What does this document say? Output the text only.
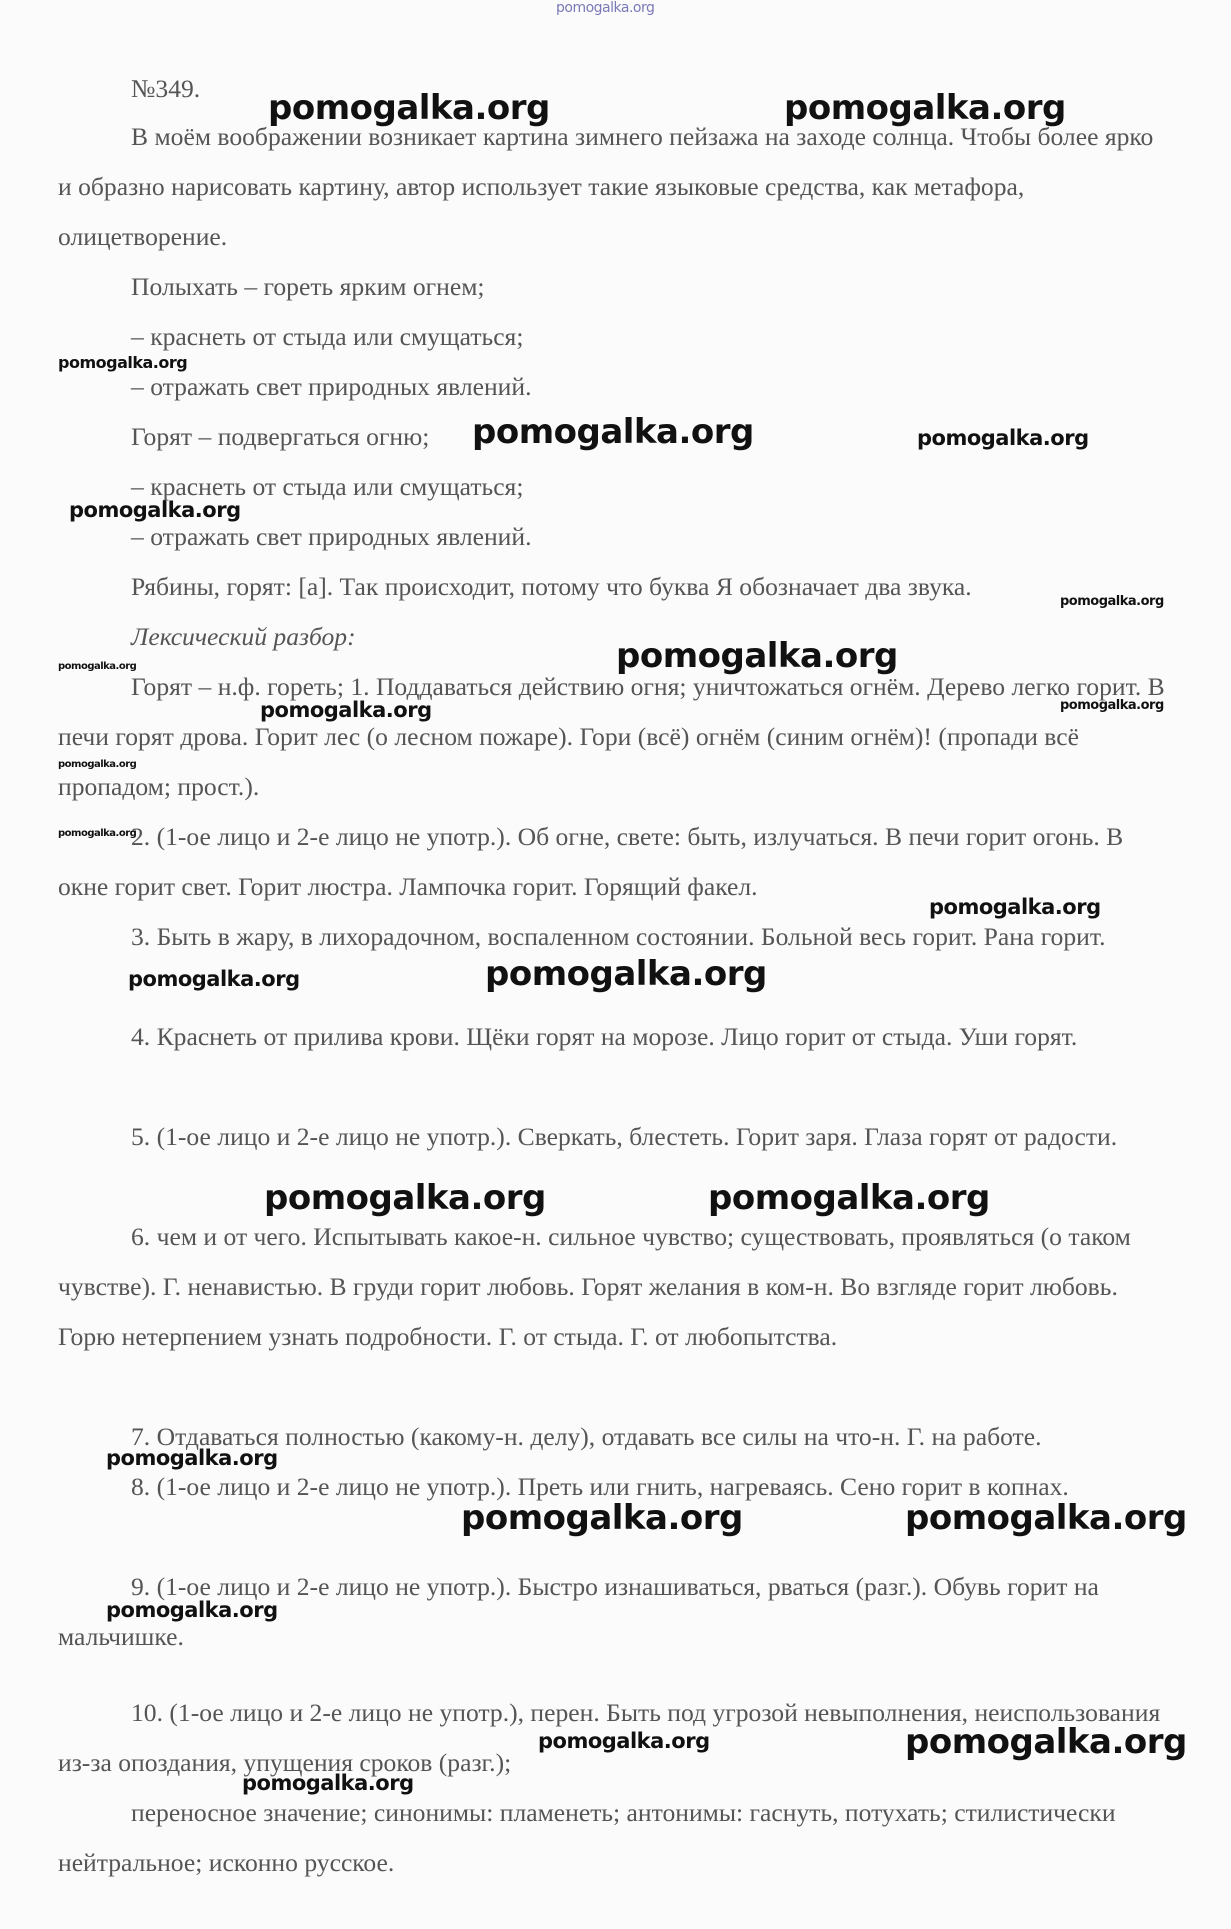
pomogalka.org

№349.

В моём воображении возникает картина зимнего пейзажа на заходе солнца. Чтобы более ярко и образно нарисовать картину, автор использует такие языковые средства, как метафора, олицетворение.

Полыхать – гореть ярким огнем;

– краснеть от стыда или смущаться;

– отражать свет природных явлений.

Горят – подвергаться огню;

– краснеть от стыда или смущаться;

– отражать свет природных явлений.

Рябины, горят: [а]. Так происходит, потому что буква Я обозначает два звука.

Лексический разбор:

Горят – н.ф. гореть; 1. Поддаваться действию огня; уничтожаться огнём. Дерево легко горит. В печи горят дрова. Горит лес (о лесном пожаре). Гори (всё) огнём (синим огнём)! (пропади всё пропадом; прост.).

2. (1-ое лицо и 2-е лицо не употр.). Об огне, свете: быть, излучаться. В печи горит огонь. В окне горит свет. Горит люстра. Лампочка горит. Горящий факел.

3. Быть в жару, в лихорадочном, воспаленном состоянии. Больной весь горит. Рана горит.

4. Краснеть от прилива крови. Щёки горят на морозе. Лицо горит от стыда. Уши горят.

5. (1-ое лицо и 2-е лицо не употр.). Сверкать, блестеть. Горит заря. Глаза горят от радости.

6. чем и от чего. Испытывать какое-н. сильное чувство; существовать, проявляться (о таком чувстве). Г. ненавистью. В груди горит любовь. Горят желания в ком-н. Во взгляде горит любовь. Горю нетерпением узнать подробности. Г. от стыда. Г. от любопытства.

7. Отдаваться полностью (какому-н. делу), отдавать все силы на что-н. Г. на работе.

8. (1-ое лицо и 2-е лицо не употр.). Преть или гнить, нагреваясь. Сено горит в копнах.

9. (1-ое лицо и 2-е лицо не употр.). Быстро изнашиваться, рваться (разг.). Обувь горит на мальчишке.

10. (1-ое лицо и 2-е лицо не употр.), перен. Быть под угрозой невыполнения, неиспользования из-за опоздания, упущения сроков (разг.);

переносное значение; синонимы: пламенеть; антонимы: гаснуть, потухать; стилистически нейтральное; исконно русское.

pomogalka.org	pomogalka.org
pomogalka.org
pomogalka.org	pomogalka.org
pomogalka.org
pomogalka.org
pomogalka.org
pomogalka.org
pomogalka.org	pomogalka.org
pomogalka.org
pomogalka.org
pomogalka.org
pomogalka.org	pomogalka.org
pomogalka.org	pomogalka.org
pomogalka.org
pomogalka.org	pomogalka.org
pomogalka.org
pomogalka.org	pomogalka.org
pomogalka.org
